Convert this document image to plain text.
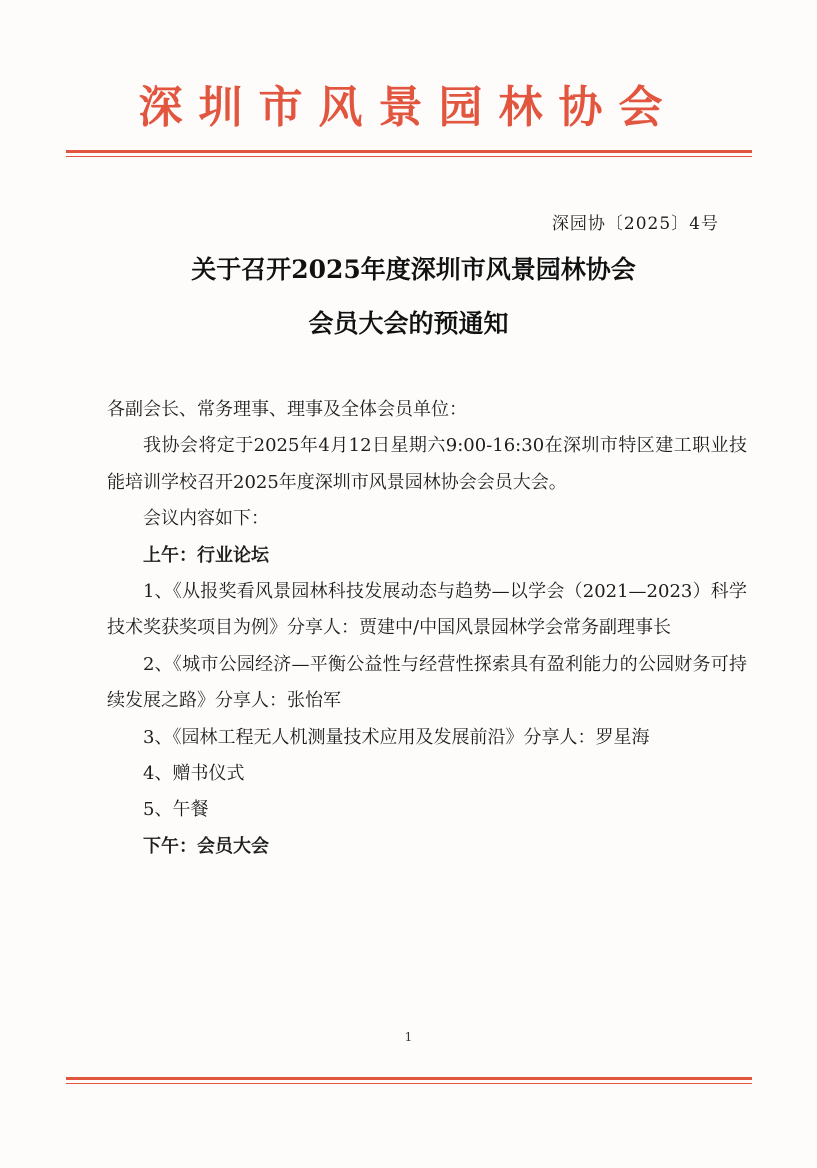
深圳市风景园林协会
深园协〔2025〕4号
关于召开2025年度深圳市风景园林协会
会员大会的预通知

各副会长、常务理事、理事及全体会员单位：

我协会将定于2025年4月12日星期六9:00-16:30在深圳市特区建工职业技能培训学校召开2025年度深圳市风景园林协会会员大会。

会议内容如下：

上午：行业论坛

1、《从报奖看风景园林科技发展动态与趋势—以学会（2021—2023）科学技术奖获奖项目为例》分享人：贾建中/中国风景园林学会常务副理事长

2、《城市公园经济—平衡公益性与经营性探索具有盈利能力的公园财务可持续发展之路》分享人：张怡军

3、《园林工程无人机测量技术应用及发展前沿》分享人：罗星海

4、赠书仪式

5、午餐

下午：会员大会

1
